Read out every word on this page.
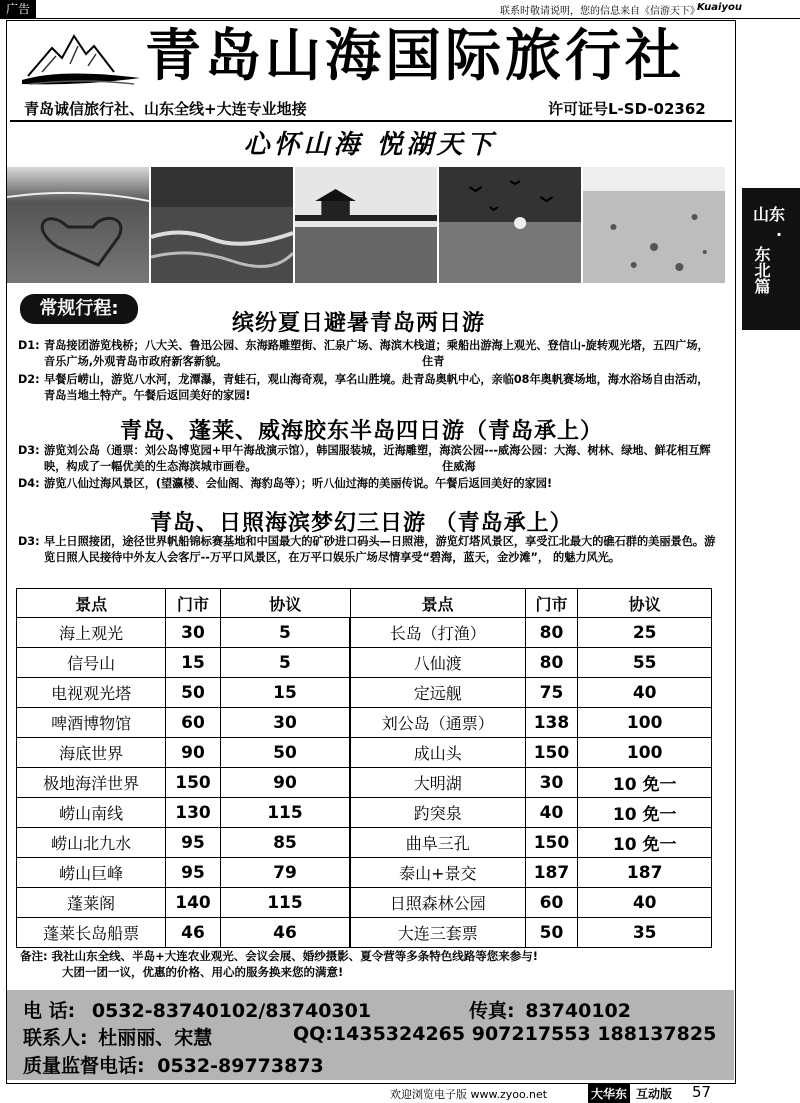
广告	联系时敬请说明，您的信息来自《信游天下》
Kuaiyou
青岛山海国际旅行社
青岛诚信旅行社、山东全线+大连专业地接	许可证号L-SD-02362
心怀山海 悦湖天下
山东
·
东北篇
常规行程:
缤纷夏日避暑青岛两日游
D1: 青岛接团游览栈桥；八大关、鲁迅公园、东海路雕塑街、汇泉广场、海滨木栈道；乘船出游海上观光、登信山-旋转观光塔，五四广场，音乐广场,外观青岛市政府新客新貌。	住青
D2: 早餐后崂山，游览八水河，龙潭瀑，青蛙石，观山海奇观，享名山胜境。赴青岛奥帆中心，亲临08年奥帆赛场地，海水浴场自由活动，青岛当地土特产。午餐后返回美好的家园!
青岛、蓬莱、威海胶东半岛四日游（青岛承上）
D3: 游览刘公岛（通票：刘公岛博览园+甲午海战演示馆），韩国服装城，近海雕塑，海滨公园---威海公园：大海、树林、绿地、鲜花相互辉映，构成了一幅优美的生态海滨城市画卷。	住威海
D4: 游览八仙过海风景区，(望瀛楼、会仙阁、海豹岛等）；听八仙过海的美丽传说。午餐后返回美好的家园!
青岛、日照海滨梦幻三日游 （青岛承上）
D3: 早上日照接团，途径世界帆船锦标赛基地和中国最大的矿砂进口码头—日照港，游览灯塔风景区，享受江北最大的礁石群的美丽景色。游览日照人民接待中外友人会客厅--万平口风景区，在万平口娱乐广场尽情享受“碧海，蓝天，金沙滩”， 的魅力风光。
景点	门市	协议	景点	门市	协议
海上观光	30	5	长岛（打渔）	80	25
信号山	15	5	八仙渡	80	55
电视观光塔	50	15	定远舰	75	40
啤酒博物馆	60	30	刘公岛（通票）	138	100
海底世界	90	50	成山头	150	100
极地海洋世界	150	90	大明湖	30	10 免一
崂山南线	130	115	趵突泉	40	10 免一
崂山北九水	95	85	曲阜三孔	150	10 免一
崂山巨峰	95	79	泰山+景交	187	187
蓬莱阁	140	115	日照森林公园	60	40
蓬莱长岛船票	46	46	大连三套票	50	35
备注: 我社山东全线、半岛+大连农业观光、会议会展、婚纱摄影、夏令营等多条特色线路等您来参与!
大团一团一议，优惠的价格、用心的服务换来您的满意!
电 话: 0532-83740102/83740301	传真: 83740102
联系人: 杜丽丽、宋慧	QQ:1435324265 907217553 188137825
质量监督电话: 0532-89773873
欢迎浏览电子版 www.zyoo.net	大华东 互动版 57
